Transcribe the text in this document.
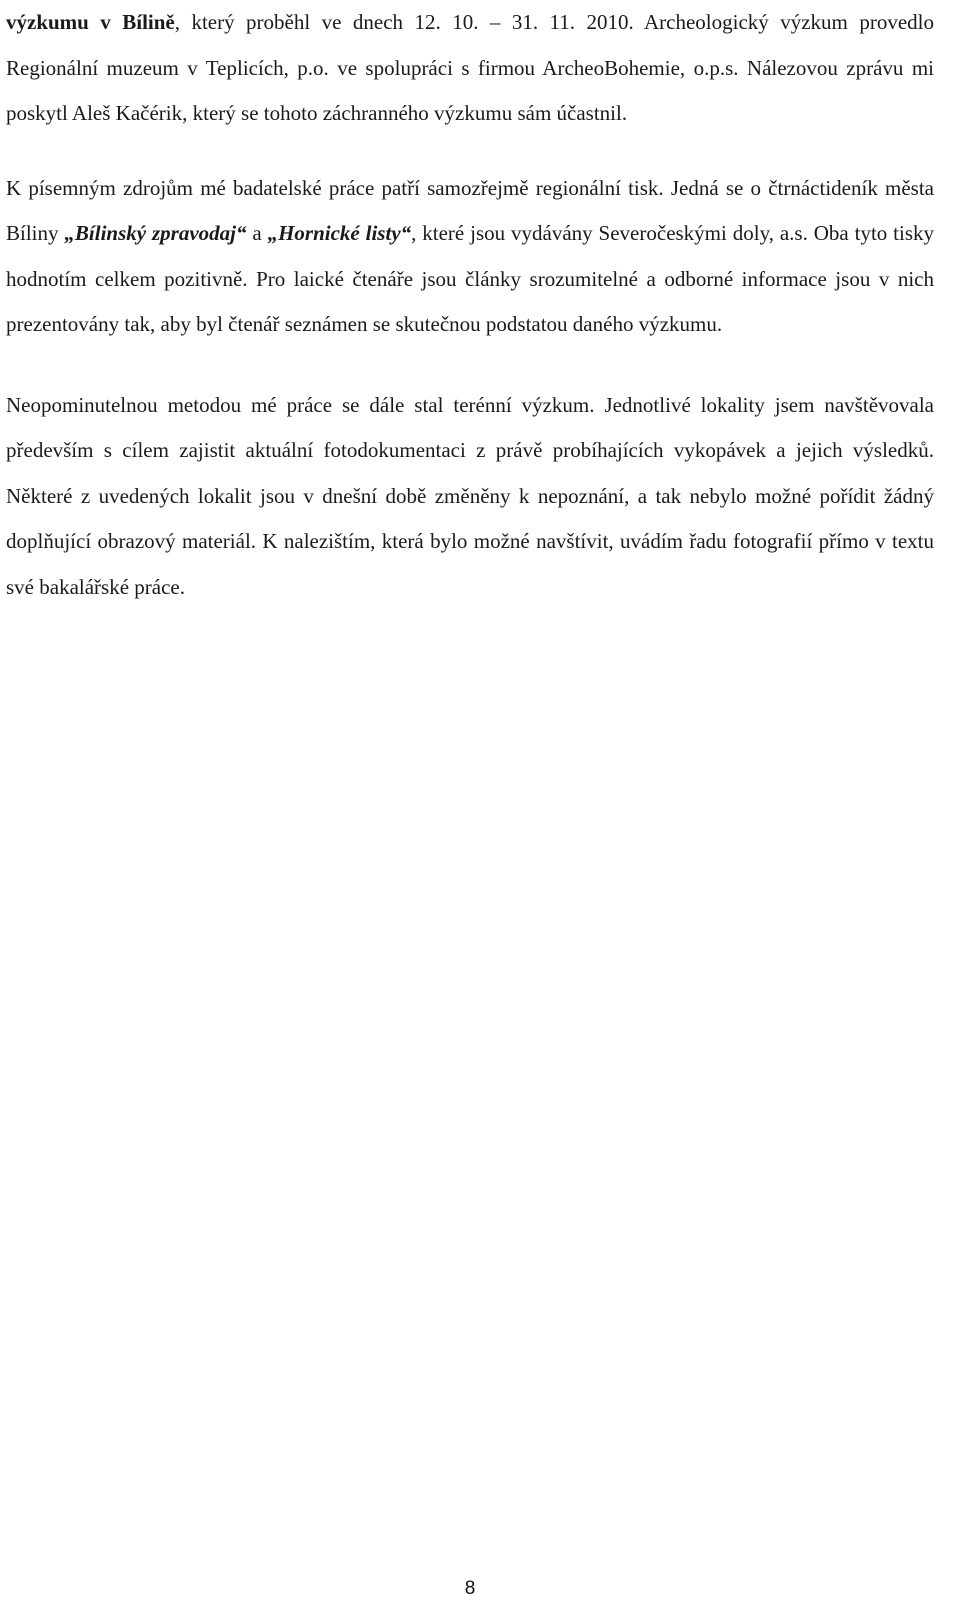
výzkumu v Bílině, který proběhl ve dnech 12. 10. – 31. 11. 2010. Archeologický výzkum provedlo Regionální muzeum v Teplicích, p.o. ve spolupráci s firmou ArcheoBohemie, o.p.s. Nálezovou zprávu mi poskytl Aleš Kačérik, který se tohoto záchranného výzkumu sám účastnil.

K písemným zdrojům mé badatelské práce patří samozřejmě regionální tisk. Jedná se o čtrnáctideník města Bíliny „Bílinský zpravodaj“ a „Hornické listy“, které jsou vydávány Severočeskými doly, a.s. Oba tyto tisky hodnotím celkem pozitivně. Pro laické čtenáře jsou články srozumitelné a odborné informace jsou v nich prezentovány tak, aby byl čtenář seznámen se skutečnou podstatou daného výzkumu.

Neopominutelnou metodou mé práce se dále stal terénní výzkum. Jednotlivé lokality jsem navštěvovala především s cílem zajistit aktuální fotodokumentaci z právě probíhajících vykopávek a jejich výsledků. Některé z uvedených lokalit jsou v dnešní době změněny k nepoznání, a tak nebylo možné pořídit žádný doplňující obrazový materiál. K nalezištím, která bylo možné navštívit, uvádím řadu fotografií přímo v textu své bakalářské práce.

8
